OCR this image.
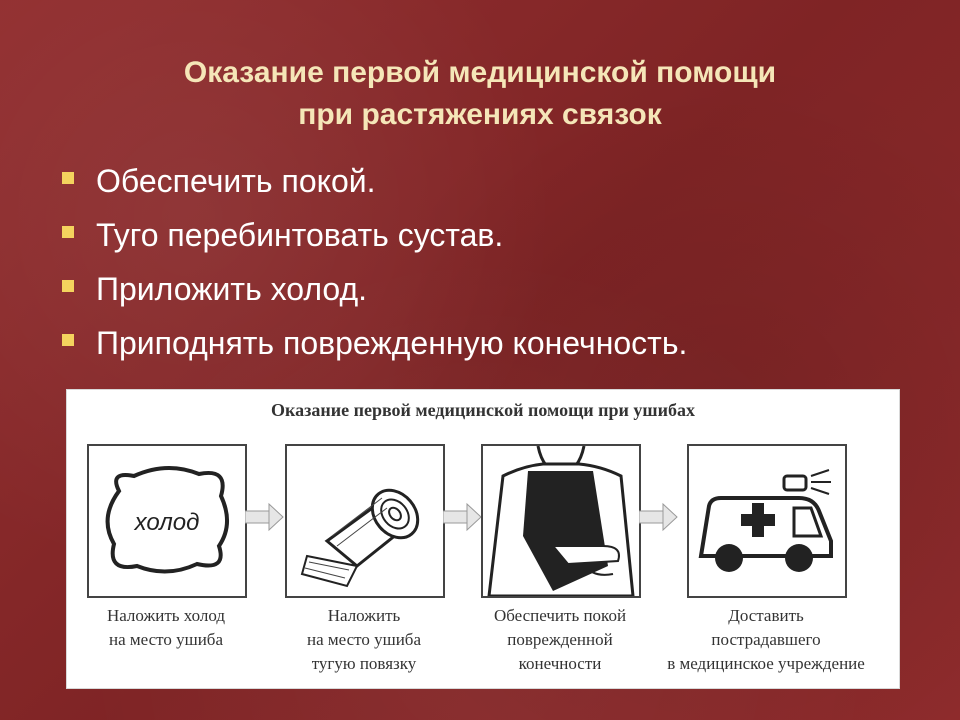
Оказание первой медицинской помощи
при растяжениях связок
Обеспечить покой.
Туго перебинтовать сустав.
Приложить холод.
Приподнять поврежденную конечность.
Оказание первой медицинской помощи при ушибах
холод
Наложить холод
на место ушиба
Наложить
на место ушиба
тугую повязку
Обеспечить покой
поврежденной
конечности
Доставить
пострадавшего
в медицинское учреждение
